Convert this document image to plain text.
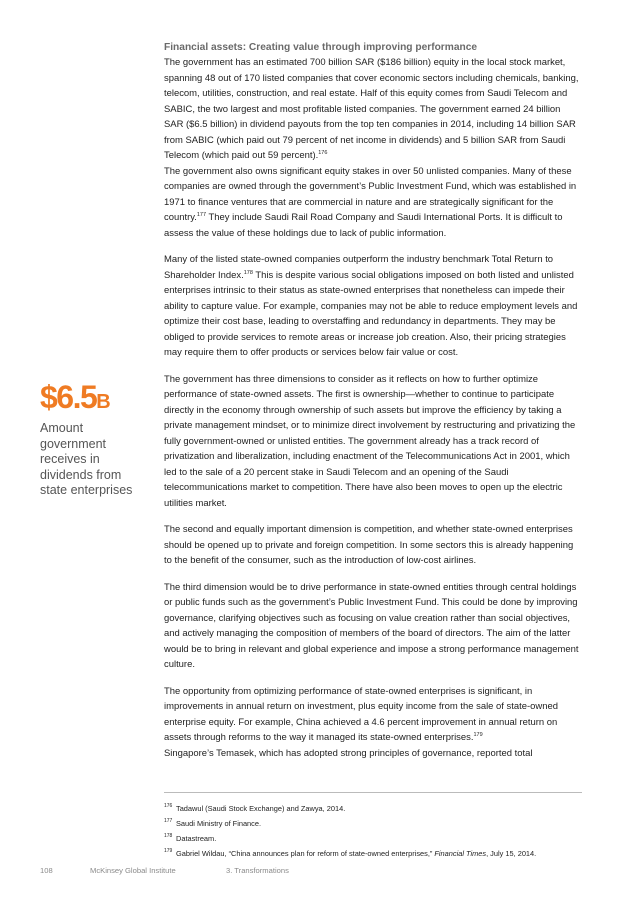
Financial assets: Creating value through improving performance

The government has an estimated 700 billion SAR ($186 billion) equity in the local stock market, spanning 48 out of 170 listed companies that cover economic sectors including chemicals, banking, telecom, utilities, construction, and real estate. Half of this equity comes from Saudi Telecom and SABIC, the two largest and most profitable listed companies. The government earned 24 billion SAR ($6.5 billion) in dividend payouts from the top ten companies in 2014, including 14 billion SAR from SABIC (which paid out 79 percent of net income in dividends) and 5 billion SAR from Saudi Telecom (which paid out 59 percent).$^{176}$
The government also owns significant equity stakes in over 50 unlisted companies. Many of these companies are owned through the government’s Public Investment Fund, which was established in 1971 to finance ventures that are commercial in nature and are strategically significant for the country.$^{177}$ They include Saudi Rail Road Company and Saudi International Ports. It is difficult to assess the value of these holdings due to lack of public information.

Many of the listed state-owned companies outperform the industry benchmark Total Return to Shareholder Index.$^{178}$ This is despite various social obligations imposed on both listed and unlisted enterprises intrinsic to their status as state-owned enterprises that nonetheless can impede their ability to capture value. For example, companies may not be able to reduce employment levels and optimize their cost base, leading to overstaffing and redundancy in departments. They may be obliged to provide services to remote areas or increase job creation. Also, their pricing strategies may require them to offer products or services below fair value or cost.

The government has three dimensions to consider as it reflects on how to further optimize performance of state-owned assets. The first is ownership—whether to continue to participate directly in the economy through ownership of such assets but improve the efficiency by taking a private management mindset, or to minimize direct involvement by restructuring and privatizing the fully government-owned or unlisted entities. The government already has a track record of privatization and liberalization, including enactment of the Telecommunications Act in 2001, which led to the sale of a 20 percent stake in Saudi Telecom and an opening of the Saudi telecommunications market to competition. There have also been moves to open up the electric utilities market.

The second and equally important dimension is competition, and whether state-owned enterprises should be opened up to private and foreign competition. In some sectors this is already happening to the benefit of the consumer, such as the introduction of low-cost airlines.

The third dimension would be to drive performance in state-owned entities through central holdings or public funds such as the government’s Public Investment Fund. This could be done by improving governance, clarifying objectives such as focusing on value creation rather than social objectives, and actively managing the composition of members of the board of directors. The aim of the latter would be to bring in relevant and global experience and impose a strong performance management culture.

The opportunity from optimizing performance of state-owned enterprises is significant, in improvements in annual return on investment, plus equity income from the sale of state-owned enterprise equity. For example, China achieved a 4.6 percent improvement in annual return on assets through reforms to the way it managed its state-owned enterprises.$^{179}$
Singapore’s Temasek, which has adopted strong principles of governance, reported total

$6.5B
Amount government receives in dividends from state enterprises
176 Tadawul (Saudi Stock Exchange) and Zawya, 2014.
177 Saudi Ministry of Finance.
178 Datastream.
179 Gabriel Wildau, “China announces plan for reform of state-owned enterprises,” Financial Times, July 15, 2014.
108	McKinsey Global Institute	3. Transformations
